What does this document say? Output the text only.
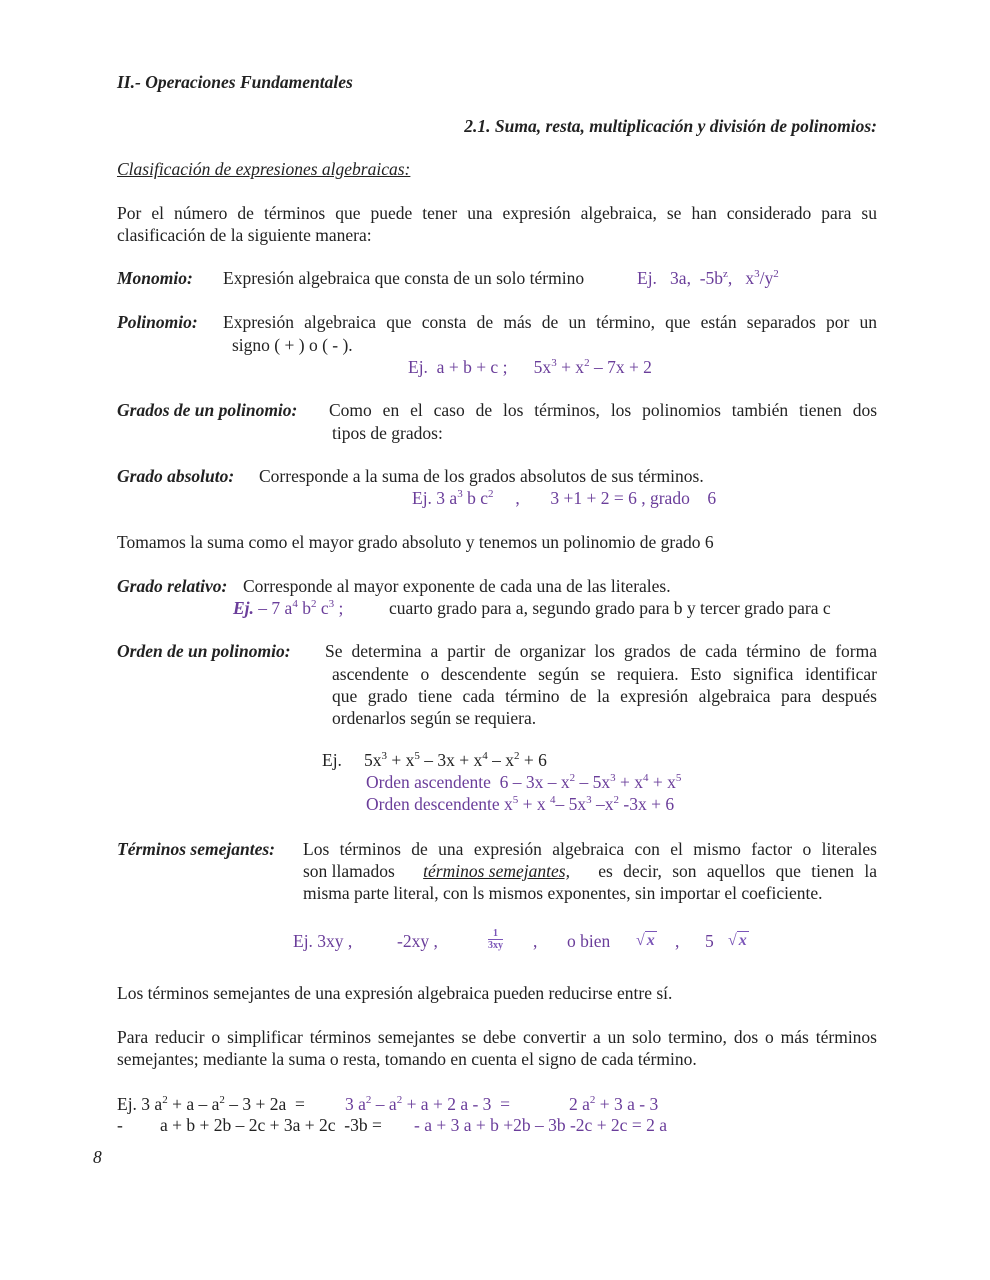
II.- Operaciones Fundamentales
2.1. Suma, resta, multiplicación y división de polinomios:
Clasificación de expresiones algebraicas:
Por el número de términos que puede tener una expresión algebraica, se han considerado para su clasificación de la siguiente manera:
Monomio: Expresión algebraica que consta de un solo término	Ej.   3a,  $-5b^z$,   $x^3/y^2$
Polinomio: Expresión algebraica que consta de más de un término, que están separados por un
signo ( + ) o ( - ).
Ej.  a + b + c ;      $5x^3 + x^2 - 7x + 2$
Grados de un polinomio: Como en el caso de los términos, los polinomios también tienen dos
tipos de grados:
Grado absoluto: Corresponde a la suma de los grados absolutos de sus términos.
Ej. 3 $a^3$ b $c^2$     ,       3 +1 + 2 = 6 , grado    6
Tomamos la suma como el mayor grado absoluto y tenemos un polinomio de grado 6
Grado relativo: Corresponde al mayor exponente de cada una de las literales.
Ej. – 7 $a^4$ $b^2$ $c^3$ ;	cuarto grado para a, segundo grado para b y tercer grado para c
Orden de un polinomio: Se determina a partir de organizar los grados de cada término de forma
ascendente o descendente según se requiera. Esto significa identificar
que grado tiene cada término de la expresión algebraica para después
ordenarlos según se requiera.
Ej. $5x^3 + x^5 - 3x + x^4 - x^2 + 6$
Orden ascendente  $6 - 3x - x^2 - 5x^3 + x^4 + x^5$
Orden descendente $x^5 + x$ $^4$– $5x^3$ $-x^2$ -3x + 6
Términos semejantes: Los términos de una expresión algebraica con el mismo factor o literales
son llamados términos semejantes, es decir, son aquellos que tienen la
misma parte literal, con ls mismos exponentes, sin importar el coeficiente.
Ej. 3xy ,	-2xy ,	$\frac{1}{3xy}$ , o bien √ x , 5 √ x
Los términos semejantes de una expresión algebraica pueden reducirse entre sí.
Para reducir o simplificar términos semejantes se debe convertir a un solo termino, dos o más términos semejantes; mediante la suma o resta, tomando en cuenta el signo de cada término.
Ej. 3 $a^2 + a - a^2 - 3 + 2a = 3$ $a^2 - a^2 + a + 2$ a - 3  =	2 $a^2 + 3$ a - 3
- a + b + 2b – 2c + 3a + 2c  -3b = - a + 3 a + b +2b – 3b -2c + 2c = 2 a
8
